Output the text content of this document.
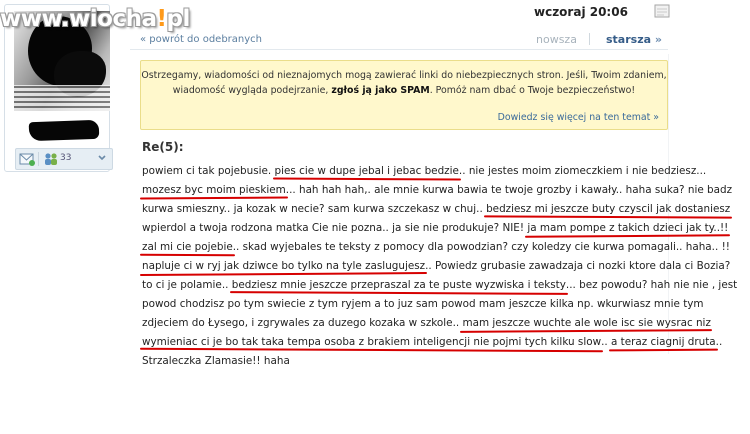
33
www.wiocha!pl	wczoraj 20:06
« powrót do odebranych	nowsza	starsza »
Ostrzegamy, wiadomości od nieznajomych mogą zawierać linki do niebezpiecznych stron. Jeśli, Twoim zdaniem,
wiadomość wygląda podejrzanie, zgłoś ją jako SPAM. Pomóż nam dbać o Twoje bezpieczeństwo!
Dowiedz się więcej na ten temat »
Re(5):
powiem ci tak pojebusie. pies cie w dupe jebal i jebac bedzie.. nie jestes moim ziomeczkiem i nie bedziesz...
mozesz byc moim pieskiem... hah hah hah,. ale mnie kurwa bawia te twoje grozby i kawały.. haha suka? nie badz
kurwa smieszny.. ja kozak w necie? sam kurwa szczekasz w chuj.. bedziesz mi jeszcze buty czyscil jak dostaniesz
wpierdol a twoja rodzona matka Cie nie pozna.. ja sie nie produkuje? NIE! ja mam pompe z takich dzieci jak ty..!!
zal mi cie pojebie.. skad wyjebales te teksty z pomocy dla powodzian? czy koledzy cie kurwa pomagali.. haha.. !!
napluje ci w ryj jak dziwce bo tylko na tyle zaslugujesz.. Powiedz grubasie zawadzaja ci nozki ktore dala ci Bozia?
to ci je polamie.. bedziesz mnie jeszcze przepraszal za te puste wyzwiska i teksty... bez powodu? hah nie nie , jest
powod chodzisz po tym swiecie z tym ryjem a to juz sam powod mam jeszcze kilka np. wkurwiasz mnie tym
zdjeciem do Łysego, i zgrywales za duzego kozaka w szkole.. mam jeszcze wuchte ale wole isc sie wysrac niz
wymieniac ci je bo tak taka tempa osoba z brakiem inteligencji nie pojmi tych kilku slow.. a teraz ciagnij druta..
Strzaleczka Zlamasie!! haha
